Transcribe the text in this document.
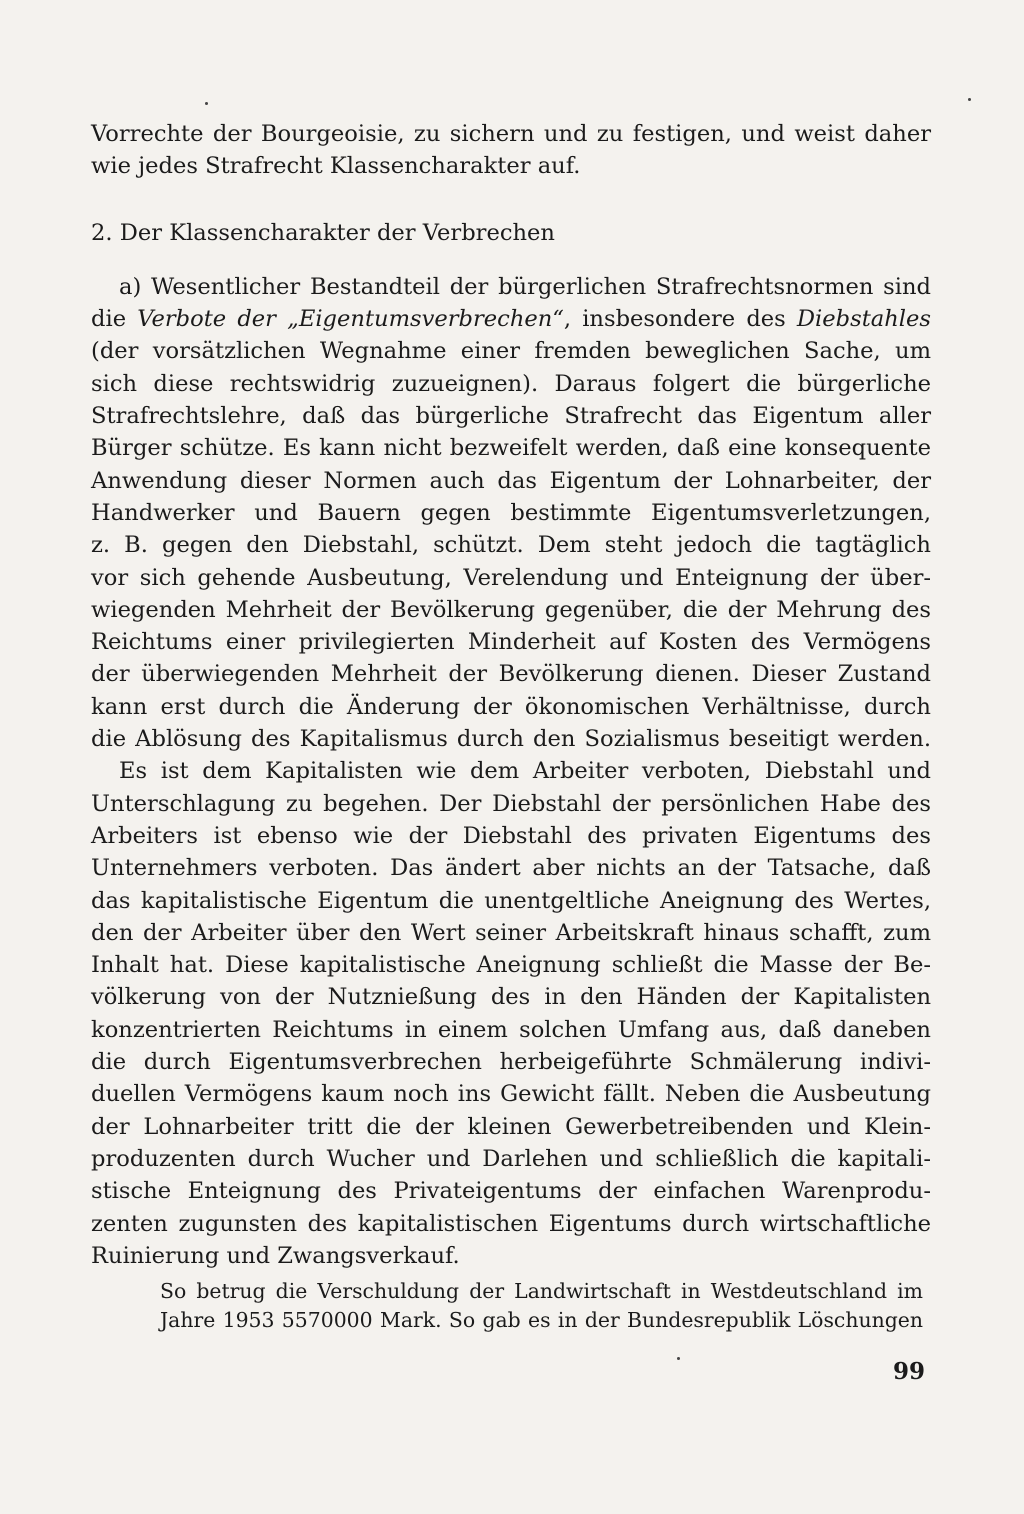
Vorrechte der Bourgeoisie, zu sichern und zu festigen, und weist daher
wie jedes Strafrecht Klassencharakter auf.
2. Der Klassencharakter der Verbrechen
a) Wesentlicher Bestandteil der bürgerlichen Strafrechtsnormen sind
die Verbote der „Eigentumsverbrechen“, insbesondere des Diebstahles
(der vorsätzlichen Wegnahme einer fremden beweglichen Sache, um
sich diese rechtswidrig zuzueignen). Daraus folgert die bürgerliche
Strafrechtslehre, daß das bürgerliche Strafrecht das Eigentum aller
Bürger schütze. Es kann nicht bezweifelt werden, daß eine konsequente
Anwendung dieser Normen auch das Eigentum der Lohnarbeiter, der
Handwerker und Bauern gegen bestimmte Eigentumsverletzungen,
z. B. gegen den Diebstahl, schützt. Dem steht jedoch die tagtäglich
vor sich gehende Ausbeutung, Verelendung und Enteignung der über-
wiegenden Mehrheit der Bevölkerung gegenüber, die der Mehrung des
Reichtums einer privilegierten Minderheit auf Kosten des Vermögens
der überwiegenden Mehrheit der Bevölkerung dienen. Dieser Zustand
kann erst durch die Änderung der ökonomischen Verhältnisse, durch
die Ablösung des Kapitalismus durch den Sozialismus beseitigt werden.
Es ist dem Kapitalisten wie dem Arbeiter verboten, Diebstahl und
Unterschlagung zu begehen. Der Diebstahl der persönlichen Habe des
Arbeiters ist ebenso wie der Diebstahl des privaten Eigentums des
Unternehmers verboten. Das ändert aber nichts an der Tatsache, daß
das kapitalistische Eigentum die unentgeltliche Aneignung des Wertes,
den der Arbeiter über den Wert seiner Arbeitskraft hinaus schafft, zum
Inhalt hat. Diese kapitalistische Aneignung schließt die Masse der Be-
völkerung von der Nutznießung des in den Händen der Kapitalisten
konzentrierten Reichtums in einem solchen Umfang aus, daß daneben
die durch Eigentumsverbrechen herbeigeführte Schmälerung indivi-
duellen Vermögens kaum noch ins Gewicht fällt. Neben die Ausbeutung
der Lohnarbeiter tritt die der kleinen Gewerbetreibenden und Klein-
produzenten durch Wucher und Darlehen und schließlich die kapitali-
stische Enteignung des Privateigentums der einfachen Warenprodu-
zenten zugunsten des kapitalistischen Eigentums durch wirtschaftliche
Ruinierung und Zwangsverkauf.
So betrug die Verschuldung der Landwirtschaft in Westdeutschland im
Jahre 1953 5570000 Mark. So gab es in der Bundesrepublik Löschungen
99
